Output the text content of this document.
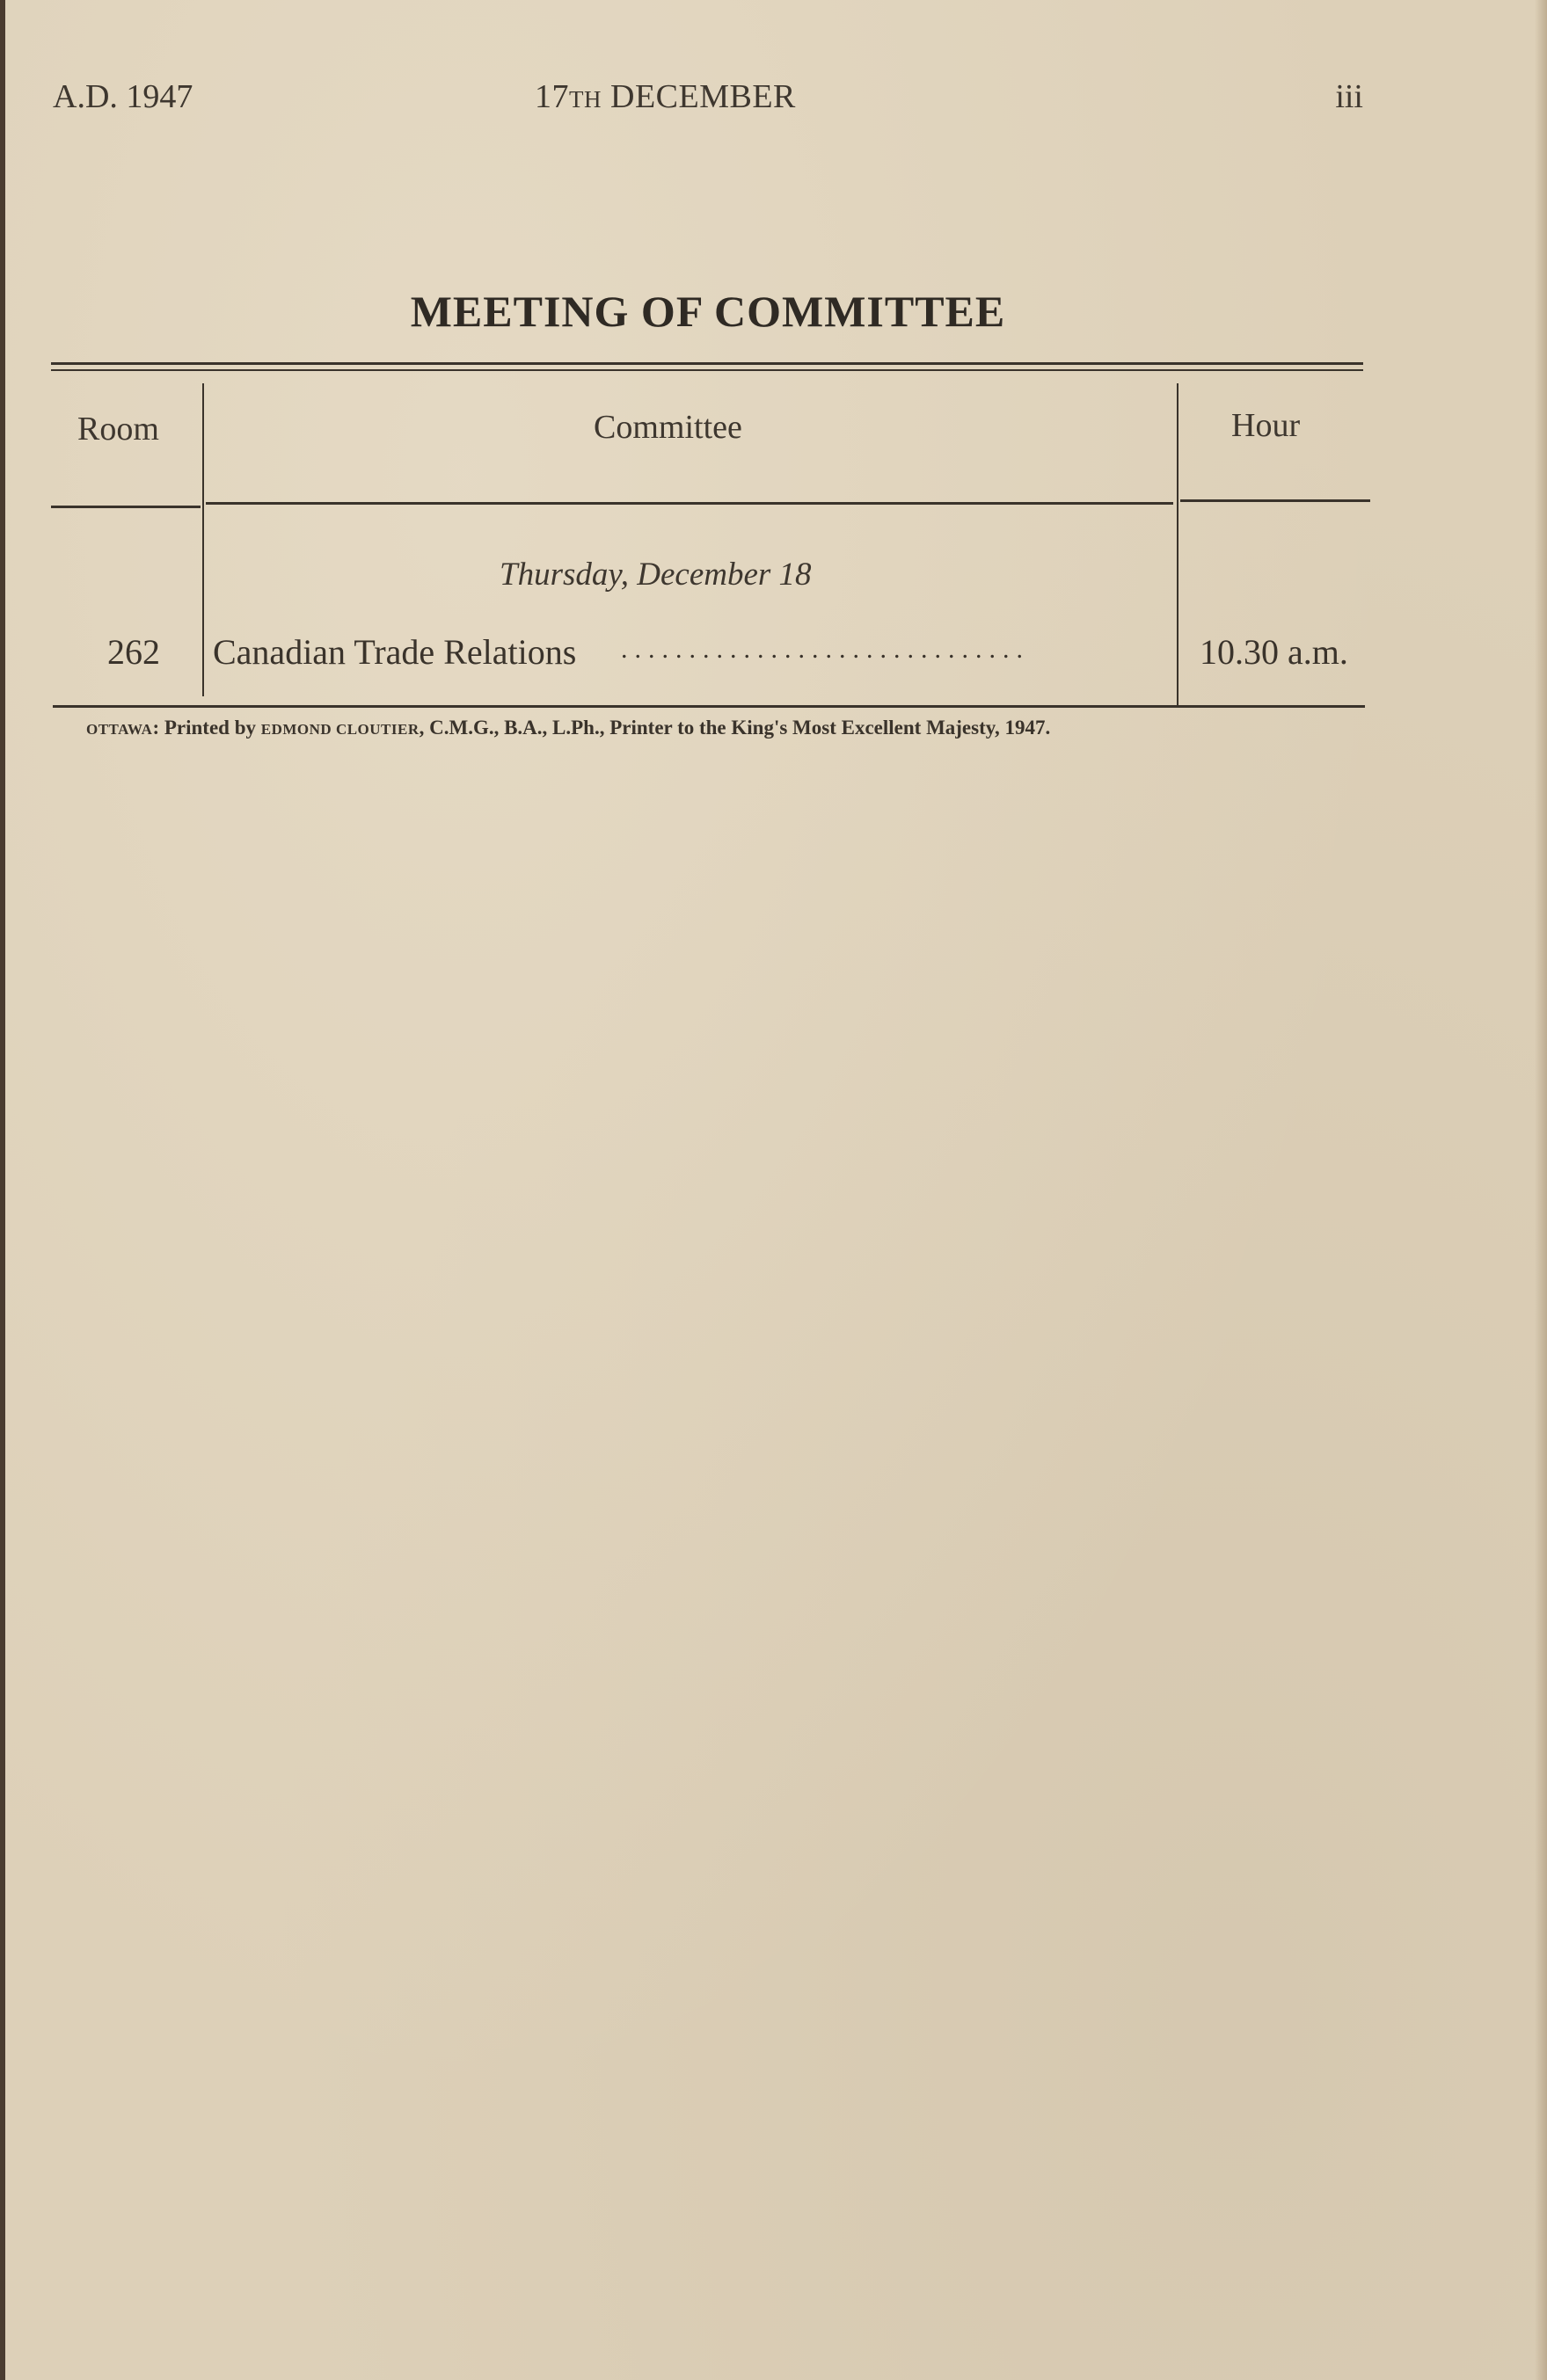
A.D. 1947	17TH DECEMBER	iii
MEETING OF COMMITTEE
Room	Committee	Hour
Thursday, December 18
262 Canadian Trade Relations ..............................	10.30 a.m.
OTTAWA: Printed by EDMOND CLOUTIER, C.M.G., B.A., L.Ph., Printer to the King's Most Excellent Majesty, 1947.
